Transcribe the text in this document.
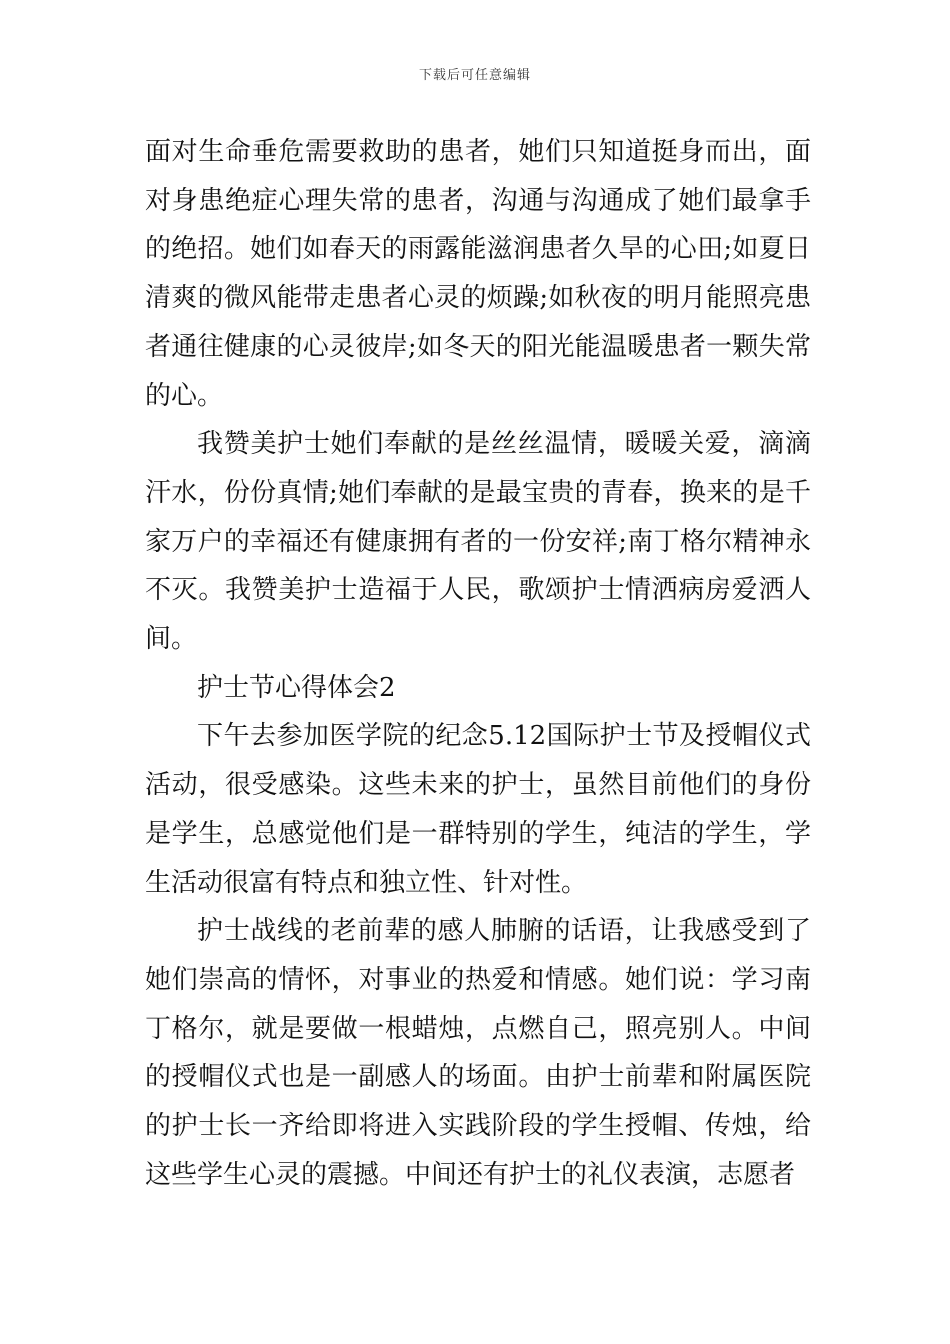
下载后可任意编辑

面对生命垂危需要救助的患者，她们只知道挺身而出，面对身患绝症心理失常的患者，沟通与沟通成了她们最拿手的绝招。她们如春天的雨露能滋润患者久旱的心田;如夏日清爽的微风能带走患者心灵的烦躁;如秋夜的明月能照亮患者通往健康的心灵彼岸;如冬天的阳光能温暖患者一颗失常的心。

我赞美护士她们奉献的是丝丝温情，暖暖关爱，滴滴汗水，份份真情;她们奉献的是最宝贵的青春，换来的是千家万户的幸福还有健康拥有者的一份安祥;南丁格尔精神永不灭。我赞美护士造福于人民，歌颂护士情洒病房爱洒人间。

护士节心得体会2

下午去参加医学院的纪念5.12国际护士节及授帽仪式活动，很受感染。这些未来的护士，虽然目前他们的身份是学生，总感觉他们是一群特别的学生，纯洁的学生，学生活动很富有特点和独立性、针对性。

护士战线的老前辈的感人肺腑的话语，让我感受到了她们崇高的情怀，对事业的热爱和情感。她们说：学习南丁格尔，就是要做一根蜡烛，点燃自己，照亮别人。中间的授帽仪式也是一副感人的场面。由护士前辈和附属医院的护士长一齐给即将进入实践阶段的学生授帽、传烛，给这些学生心灵的震撼。中间还有护士的礼仪表演，志愿者
